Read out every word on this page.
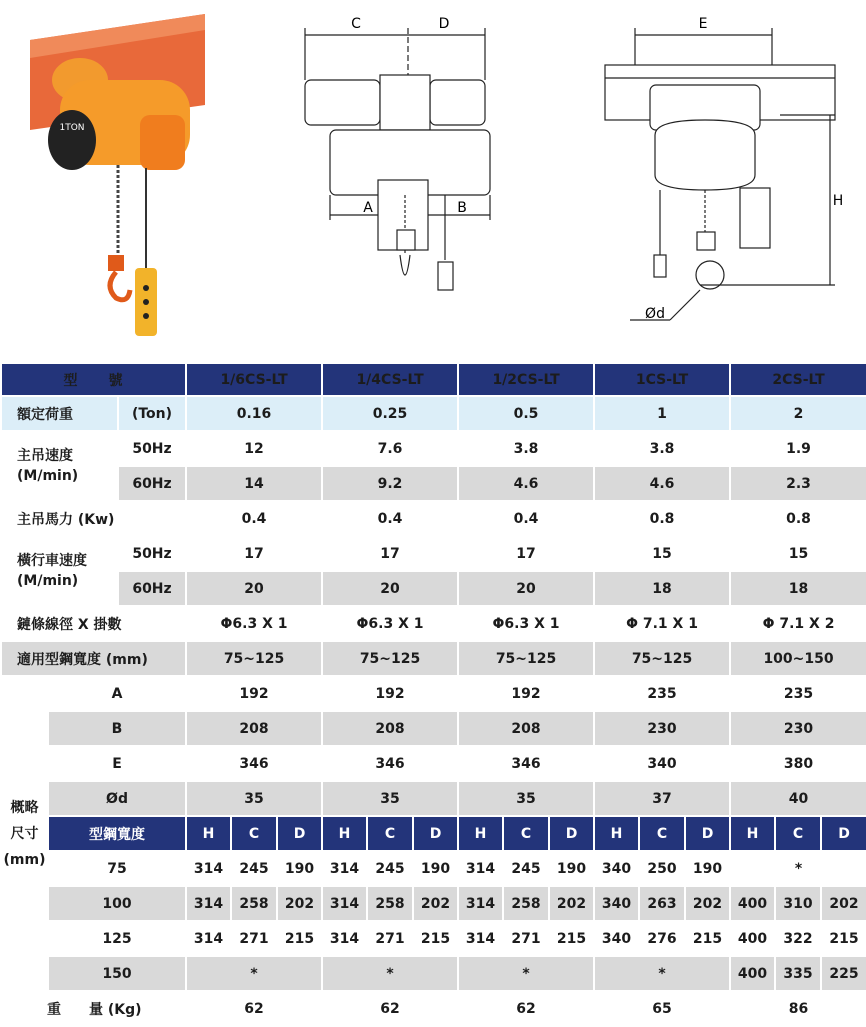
1TON
C	D
A	B
E
H
Ød
型　　號			1/6CS-LT			1/4CS-LT			1/2CS-LT			1CS-LT			2CS-LT		
額定荷重		(Ton)	0.16			0.25			0.5			1			2		
主吊速度
(M/min)		50Hz	12			7.6			3.8			3.8			1.9		
		60Hz	14			9.2			4.6			4.6			2.3		
主吊馬力 (Kw)			0.4			0.4			0.4			0.8			0.8		
橫行車速度
(M/min)		50Hz	17			17			17			15			15		
		60Hz	20			20			20			18			18		
鏈條線徑 X 掛數			Φ6.3 X 1			Φ6.3 X 1			Φ6.3 X 1			Φ 7.1 X 1			Φ 7.1 X 2		
適用型鋼寬度 (mm)			75~125			75~125			75~125			75~125			100~150		
概略
尺寸
(mm)	A		192			192			192			235			235		
	B		208			208			208			230			230		
	E		346			346			346			340			380		
	Ød		35			35			35			37			40		
	型鋼寬度		H	C	D	H	C	D	H	C	D	H	C	D	H	C	D
	75		314	245	190	314	245	190	314	245	190	340	250	190	*		
	100		314	258	202	314	258	202	314	258	202	340	263	202	400	310	202
	125		314	271	215	314	271	215	314	271	215	340	276	215	400	322	215
	150		*			*			*			*			400	335	225
重　　量 (Kg)			62			62			62			65			86		
